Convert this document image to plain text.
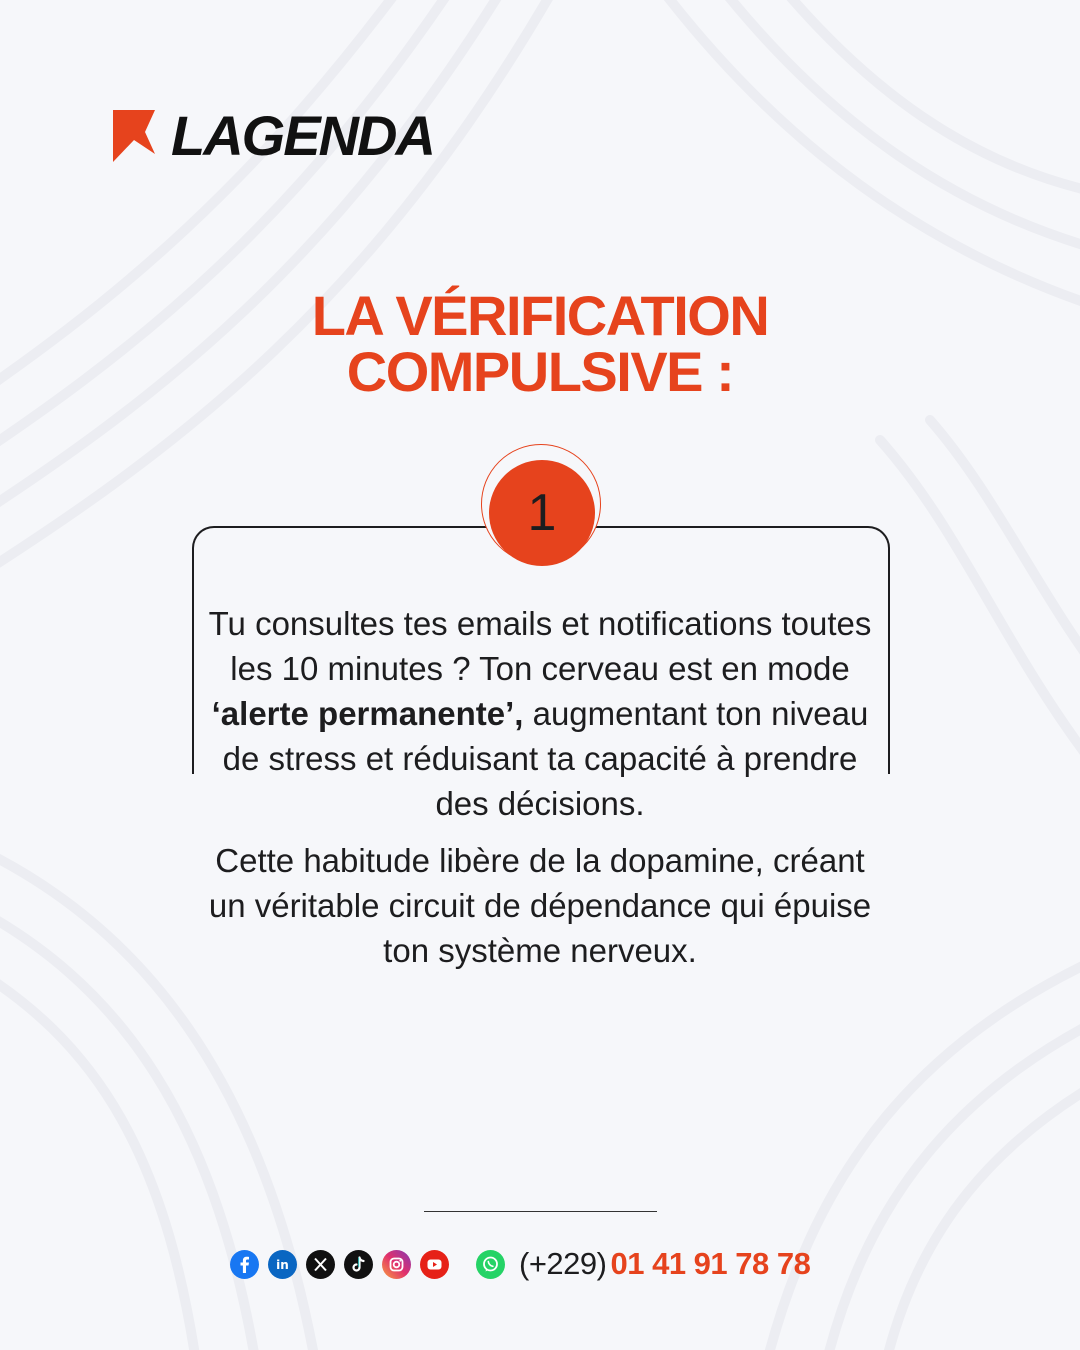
LAGENDA
LA VÉRIFICATION
COMPULSIVE :
1

Tu consultes tes emails et notifications toutes les 10 minutes ? Ton cerveau est en mode ‘alerte permanente’, augmentant ton niveau de stress et réduisant ta capacité à prendre des décisions.

Cette habitude libère de la dopamine, créant un véritable circuit de dépendance qui épuise ton système nerveux.

in	(+229) 01 41 91 78 78
